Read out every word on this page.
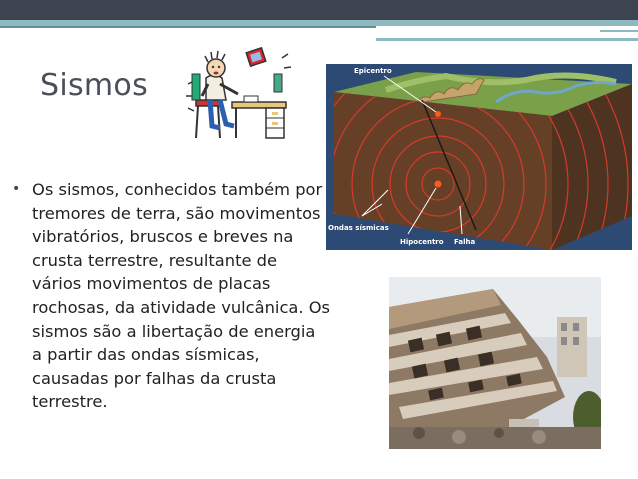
Sismos
• Os sismos, conhecidos também por tremores de terra, são movimentos vibratórios, bruscos e breves na crusta terrestre, resultante de vários movimentos de placas rochosas, da atividade vulcânica. Os sismos são a libertação de energia a partir das ondas sísmicas, causadas por falhas da crusta terrestre.
Epicentro
Ondas sísmicas
Hipocentro Falha
